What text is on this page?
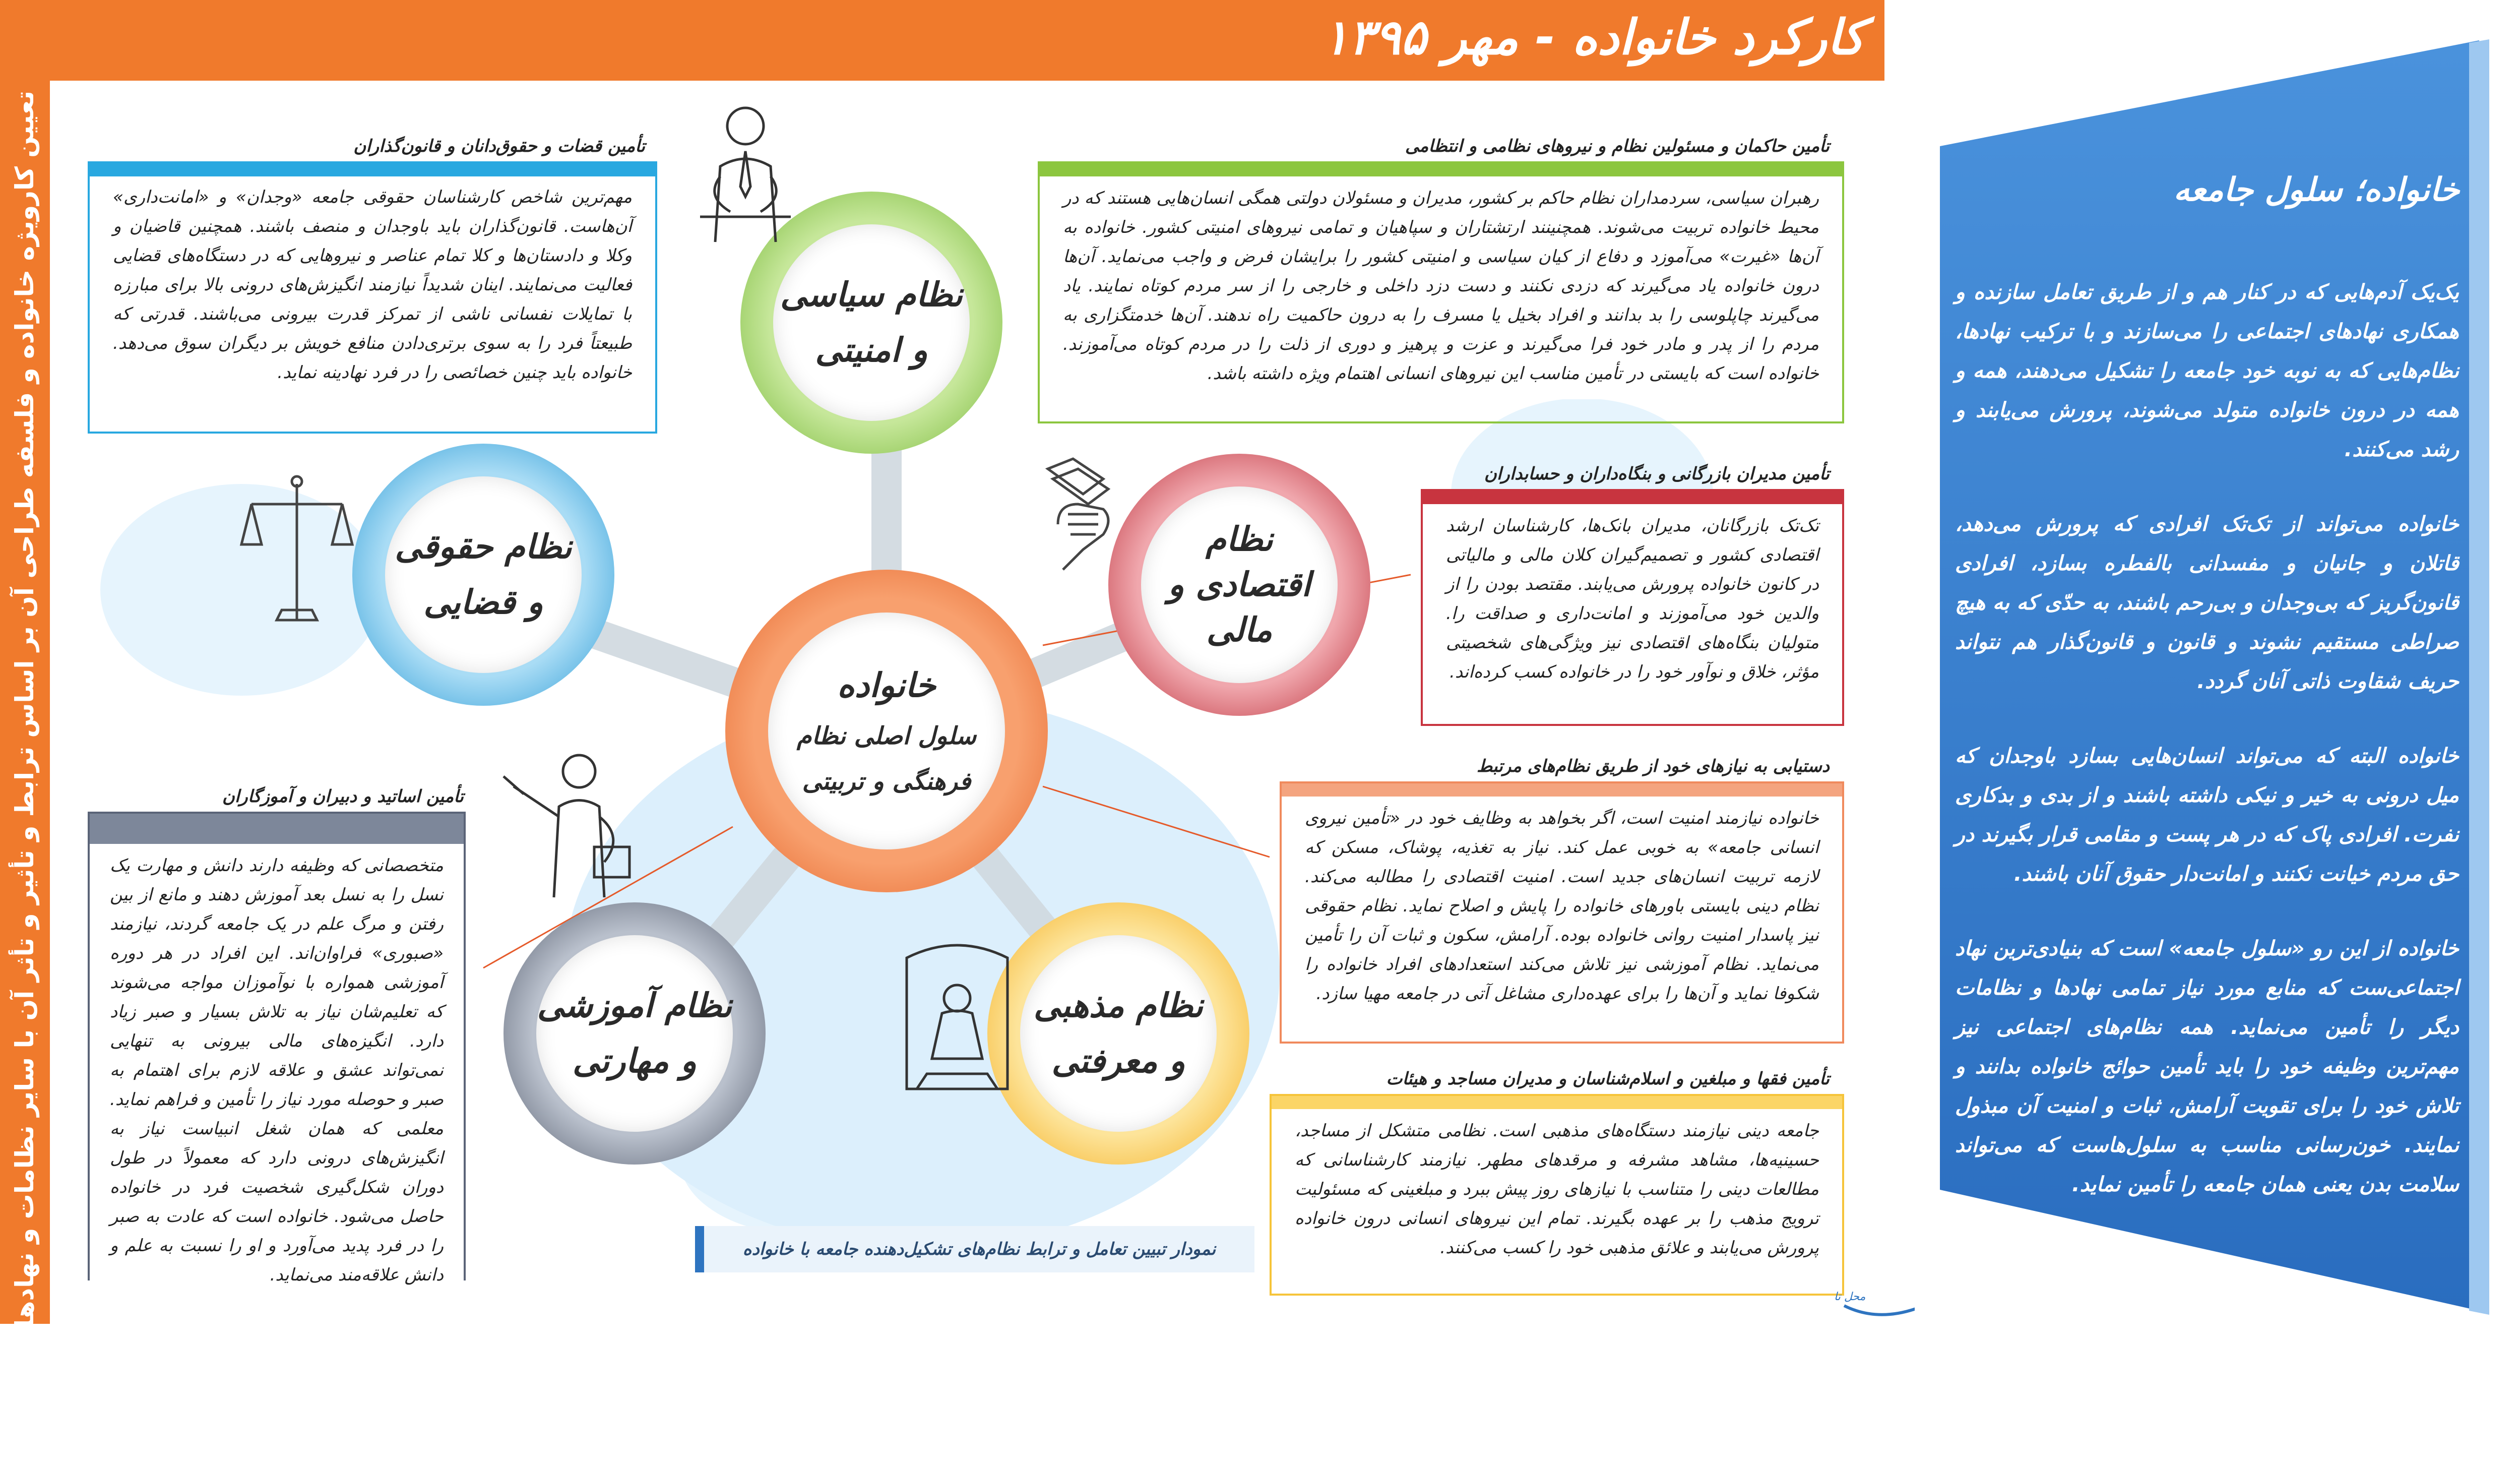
کارکرد خانواده - مهر ۱۳۹۵
تعیین کارویژه خانواده و فلسفه طراحی آن بر اساس ترابط و تأثیر و تأثر آن با سایر نظامات و نهادهای اجتماعی	خانواده
سلول اصلی نظام
فرهنگی و تربیتی
نظام سیاسی
و امنیتی
نظام
اقتصادی و
مالی
نظام حقوقی
و قضایی
نظام مذهبی
و معرفتی
نظام آموزشی
و مهارتی
تأمین حاکمان و مسئولین نظام و نیروهای نظامی و انتظامی
رهبران سیاسی، سردمداران نظام حاکم بر کشور، مدیران و مسئولان دولتی همگی انسان‌هایی هستند که در محیط خانواده تربیت می‌شوند. همچنینند ارتشتاران و سپاهیان و تمامی نیروهای امنیتی کشور. خانواده به آن‌ها «غیرت» می‌آموزد و دفاع از کیان سیاسی و امنیتی کشور را برایشان فرض و واجب می‌نماید. آن‌ها درون خانواده یاد می‌گیرند که دزدی نکنند و دست دزد داخلی و خارجی را از سر مردم کوتاه نمایند. یاد می‌گیرند چاپلوسی را بد بدانند و افراد بخیل یا مسرف را به درون حاکمیت راه ندهند. آن‌ها خدمتگزاری به مردم را از پدر و مادر خود فرا می‌گیرند و عزت و پرهیز و دوری از ذلت را در مردم کوتاه می‌آموزند. خانواده است که بایستی در تأمین مناسب این نیروهای انسانی اهتمام ویژه داشته باشد.
تأمین قضات و حقوق‌دانان و قانون‌گذاران
مهم‌ترین شاخص کارشناسان حقوقی جامعه «وجدان» و «امانت‌داری» آن‌هاست. قانون‌گذاران باید باوجدان و منصف باشند. همچنین قاضیان و وکلا و دادستان‌ها و کلا تمام عناصر و نیروهایی که در دستگاه‌های قضایی فعالیت می‌نمایند. اینان شدیداً نیازمند انگیزش‌های درونی بالا برای مبارزه با تمایلات نفسانی ناشی از تمرکز قدرت بیرونی می‌باشند. قدرتی که طبیعتاً فرد را به سوی برتری‌دادن منافع خویش بر دیگران سوق می‌دهد. خانواده باید چنین خصائصی را در فرد نهادینه نماید.
تأمین مدیران بازرگانی و بنگاه‌داران و حسابداران
تک‌تک بازرگانان، مدیران بانک‌ها، کارشناسان ارشد اقتصادی کشور و تصمیم‌گیران کلان مالی و مالیاتی در کانون خانواده پرورش می‌یابند. مقتصد بودن را از والدین خود می‌آموزند و امانت‌داری و صداقت را. متولیان بنگاه‌های اقتصادی نیز ویژگی‌های شخصیتی مؤثر، خلاق و نوآور خود را در خانواده کسب کرده‌اند.
دستیابی به نیازهای خود از طریق نظام‌های مرتبط
خانواده نیازمند امنیت است، اگر بخواهد به وظایف خود در «تأمین نیروی انسانی جامعه» به خوبی عمل کند. نیاز به تغذیه، پوشاک، مسکن که لازمه تربیت انسان‌های جدید است. امنیت اقتصادی را مطالبه می‌کند. نظام دینی بایستی باورهای خانواده را پایش و اصلاح نماید. نظام حقوقی نیز پاسدار امنیت روانی خانواده بوده. آرامش، سکون و ثبات آن را تأمین می‌نماید. نظام آموزشی نیز تلاش می‌کند استعدادهای افراد خانواده را شکوفا نماید و آن‌ها را برای عهده‌داری مشاغل آتی در جامعه مهیا سازد.
تأمین اساتید و دبیران و آموزگاران
متخصصانی که وظیفه دارند دانش و مهارت یک نسل را به نسل بعد آموزش دهند و مانع از بین رفتن و مرگ علم در یک جامعه گردند، نیازمند «صبوری» فراوان‌اند. این افراد در هر دوره آموزشی همواره با نوآموزان مواجه می‌شوند که تعلیم‌شان نیاز به تلاش بسیار و صبر زیاد دارد. انگیزه‌های مالی بیرونی به تنهایی نمی‌تواند عشق و علاقه لازم برای اهتمام به صبر و حوصله مورد نیاز را تأمین و فراهم نماید. معلمی که همان شغل انبیاست نیاز به انگیزش‌های درونی دارد که معمولاً در طول دوران شکل‌گیری شخصیت فرد در خانواده حاصل می‌شود. خانواده است که عادت به صبر را در فرد پدید می‌آورد و او را نسبت به علم و دانش علاقه‌مند می‌نماید.
تأمین فقها و مبلغین و اسلام‌شناسان و مدیران مساجد و هیئات
جامعه دینی نیازمند دستگاه‌های مذهبی است. نظامی متشکل از مساجد، حسینیه‌ها، مشاهد مشرفه و مرقدهای مطهر. نیازمند کارشناسانی که مطالعات دینی را متناسب با نیازهای روز پیش ببرد و مبلغینی که مسئولیت ترویج مذهب را بر عهده بگیرند. تمام این نیروهای انسانی درون خانواده پرورش می‌یابند و علائق مذهبی خود را کسب می‌کنند.
نمودار تبیین تعامل و ترابط نظام‌های تشکیل‌دهنده جامعه با خانواده
خانواده؛ سلول جامعه

یک‌یک آدم‌هایی که در کنار هم و از طریق تعامل سازنده و همکاری نهادهای اجتماعی را می‌سازند و با ترکیب نهادها، نظام‌هایی که به نوبه خود جامعه را تشکیل می‌دهند، همه و همه در درون خانواده متولد می‌شوند، پرورش می‌یابند و رشد می‌کنند.

خانواده می‌تواند از تک‌تک افرادی که پرورش می‌دهد، قاتلان و جانیان و مفسدانی بالفطره بسازد، افرادی قانون‌گریز که بی‌وجدان و بی‌رحم باشند، به حدّی که به هیچ صراطی مستقیم نشوند و قانون و قانون‌گذار هم نتواند حریف شقاوت ذاتی آنان گردد.

خانواده البته که می‌تواند انسان‌هایی بسازد باوجدان که میل درونی به خیر و نیکی داشته باشند و از بدی و بدکاری نفرت. افرادی پاک که در هر پست و مقامی قرار بگیرند در حق مردم خیانت نکنند و امانت‌دار حقوق آنان باشند.

خانواده از این رو «سلول جامعه» است که بنیادی‌ترین نهاد اجتماعی‌ست که منابع مورد نیاز تمامی نهادها و نظامات دیگر را تأمین می‌نماید. همه نظام‌های اجتماعی نیز مهم‌ترین وظیفه خود را باید تأمین حوائج خانواده بدانند و تلاش خود را برای تقویت آرامش، ثبات و امنیت آن مبذول نمایند. خون‌رسانی مناسب به سلول‌هاست که می‌تواند سلامت بدن یعنی همان جامعه را تأمین نماید.

محل تا
